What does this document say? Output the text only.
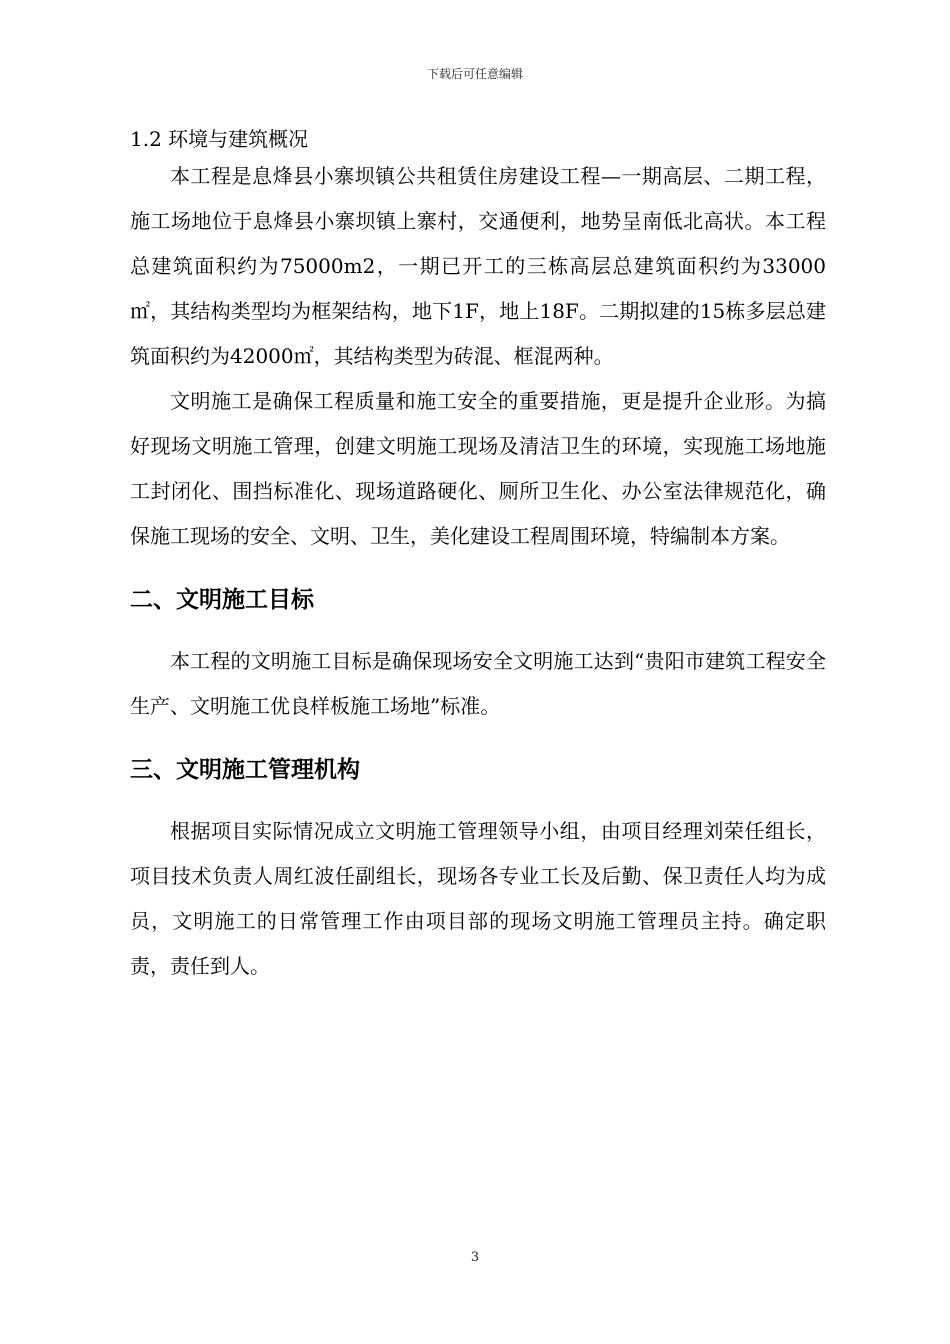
下载后可任意编辑
1.2 环境与建筑概况

本工程是息烽县小寨坝镇公共租赁住房建设工程—一期高层、二期工程，施工场地位于息烽县小寨坝镇上寨村，交通便利，地势呈南低北高状。本工程总建筑面积约为75000m2，一期已开工的三栋高层总建筑面积约为33000㎡，其结构类型均为框架结构，地下1F，地上18F。二期拟建的15栋多层总建筑面积约为42000㎡，其结构类型为砖混、框混两种。

文明施工是确保工程质量和施工安全的重要措施，更是提升企业形。为搞好现场文明施工管理，创建文明施工现场及清洁卫生的环境，实现施工场地施工封闭化、围挡标准化、现场道路硬化、厕所卫生化、办公室法律规范化，确保施工现场的安全、文明、卫生，美化建设工程周围环境，特编制本方案。

二、文明施工目标

本工程的文明施工目标是确保现场安全文明施工达到“贵阳市建筑工程安全生产、文明施工优良样板施工场地”标准。

三、文明施工管理机构

根据项目实际情况成立文明施工管理领导小组，由项目经理刘荣任组长，项目技术负责人周红波任副组长，现场各专业工长及后勤、保卫责任人均为成员，文明施工的日常管理工作由项目部的现场文明施工管理员主持。确定职责，责任到人。

3
